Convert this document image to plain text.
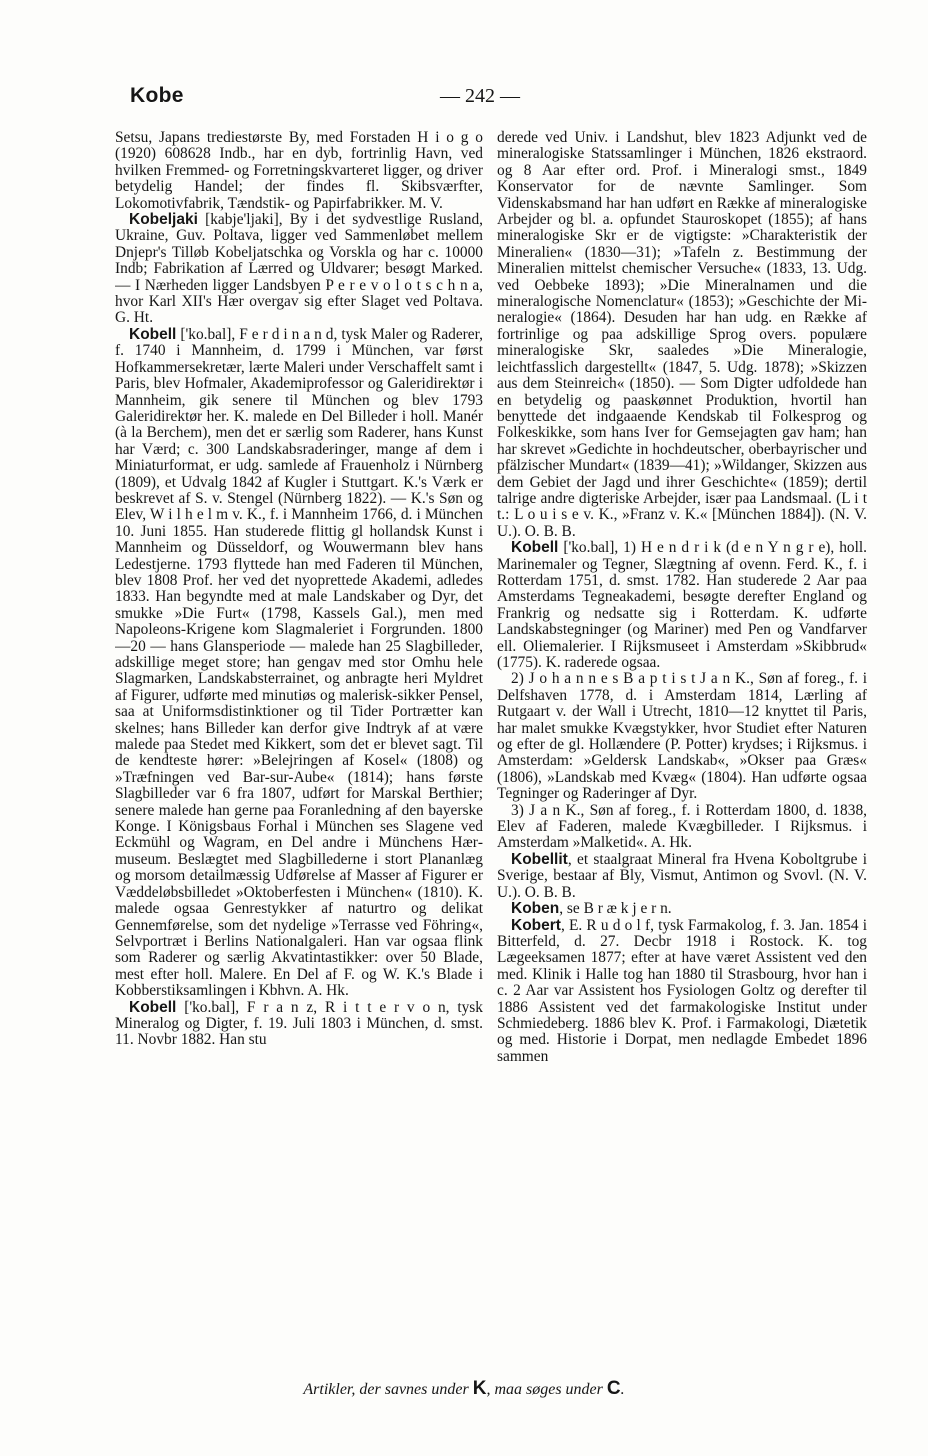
Kobe	— 242 —

Setsu, Japans trediestørste By, med Forstaden H i o g o (1920) 608628 Indb., har en dyb, fortrinlig Havn, ved hvilken Fremmed- og Forretningskvarteret ligger, og driver betydelig Handel; der findes fl. Skibsværfter, Lokomotivfabrik, Tændstik- og Papirfabrikker. M. V.

Kobeljaki [kabje'ljaki], By i det sydvestlige Rusland, Ukraine, Guv. Poltava, ligger ved Sammenløbet mellem Dnjepr's Tilløb Kobeljatschka og Vorskla og har c. 10000 Indb; Fabrikation af Lærred og Uldvarer; besøgt Marked. — I Nærheden ligger Landsbyen P e r e v o l o t s c h n a, hvor Karl XII's Hær overgav sig efter Slaget ved Poltava. G. Ht.

Kobell ['ko.bal], F e r d i n a n d, tysk Maler og Raderer, f. 1740 i Mannheim, d. 1799 i München, var først Hofkammersekretær, lærte Maleri under Verschaffelt samt i Paris, blev Hofmaler, Akademiprofessor og Galeridirektør i Mannheim, gik senere til München og blev 1793 Galeridirektør her. K. malede en Del Billeder i holl. Manér (à la Berchem), men det er særlig som Raderer, hans Kunst har Værd; c. 300 Landskabsraderinger, mange af dem i Miniaturformat, er udg. samlede af Frauenholz i Nürnberg (1809), et Udvalg 1842 af Kugler i Stuttgart. K.'s Værk er beskrevet af S. v. Stengel (Nürnberg 1822). — K.'s Søn og Elev, W i l h e l m v. K., f. i Mannheim 1766, d. i München 10. Juni 1855. Han studerede flittig gl hollandsk Kunst i Mannheim og Düsseldorf, og Wouwermann blev hans Ledestjerne. 1793 flyttede han med Faderen til München, blev 1808 Prof. her ved det nyoprettede Akademi, adledes 1833. Han begyndte med at male Landskaber og Dyr, det smukke »Die Furt« (1798, Kassels Gal.), men med Napoleons-Krigene kom Slagmaleriet i Forgrunden. 1800—20 — hans Glansperiode — malede han 25 Slagbilleder, adskillige meget store; han gengav med stor Omhu hele Slagmarken, Landskabsterrainet, og anbragte heri Myldret af Figurer, udførte med minutiøs og malerisk-sikker Pensel, saa at Uniformsdistinktioner og til Tider Portrætter kan skelnes; hans Billeder kan derfor give Indtryk af at være malede paa Stedet med Kikkert, som det er blevet sagt. Til de kendteste hører: »Belejringen af Kosel« (1808) og »Træfningen ved Bar-sur-Aube« (1814); hans første Slagbilleder var 6 fra 1807, udført for Marskal Berthier; senere malede han gerne paa Foranledning af den bayerske Konge. I Königsbaus Forhal i München ses Slagene ved Eckmühl og Wagram, en Del andre i Münchens Hærmuseum. Beslægtet med Slagbillederne i stort Plananlæg og morsom detailmæssig Udførelse af Masser af Figurer er Væddeløbsbilledet »Oktoberfesten i München« (1810). K. malede ogsaa Genrestykker af naturtro og delikat Gennemførelse, som det nydelige »Terrasse ved Föhring«, Selvportræt i Berlins Nationalgaleri. Han var ogsaa flink som Raderer og særlig Akvatintastikker: over 50 Blade, mest efter holl. Malere. En Del af F. og W. K.'s Blade i Kobberstiksamlingen i Kbhvn. A. Hk.

Kobell ['ko.bal], F r a n z, R i t t e r v o n, tysk Mineralog og Digter, f. 19. Juli 1803 i München, d. smst. 11. Novbr 1882. Han stu

derede ved Univ. i Landshut, blev 1823 Adjunkt ved de mineralogiske Statssamlinger i München, 1826 ekstraord. og 8 Aar efter ord. Prof. i Mineralogi smst., 1849 Konservator for de nævnte Samlinger. Som Videnskabsmand har han udført en Række af mineralogiske Arbejder og bl. a. opfundet Stauroskopet (1855); af hans mineralogiske Skr er de vigtigste: »Charakteristik der Mineralien« (1830—31); »Tafeln z. Bestimmung der Mineralien mittelst chemischer Versuche« (1833, 13. Udg. ved Oebbeke 1893); »Die Mineralnamen und die mineralogische Nomenclatur« (1853); »Geschichte der Mineralogie« (1864). Desuden har han udg. en Række af fortrinlige og paa adskillige Sprog overs. populære mineralogiske Skr, saaledes »Die Mineralogie, leichtfasslich dargestellt« (1847, 5. Udg. 1878); »Skizzen aus dem Steinreich« (1850). — Som Digter udfoldede han en betydelig og paaskønnet Produktion, hvortil han benyttede det indgaaende Kendskab til Folkesprog og Folkeskikke, som hans Iver for Gemsejagten gav ham; han har skrevet »Gedichte in hochdeutscher, oberbayrischer und pfälzischer Mundart« (1839—41); »Wildanger, Skizzen aus dem Gebiet der Jagd und ihrer Geschichte« (1859); dertil talrige andre digteriske Arbejder, især paa Landsmaal. (L i t t.: L o u i s e v. K., »Franz v. K.« [München 1884]). (N. V. U.). O. B. B.

Kobell ['ko.bal], 1) H e n d r i k (d e n Y n g r e), holl. Marinemaler og Tegner, Slægtning af ovenn. Ferd. K., f. i Rotterdam 1751, d. smst. 1782. Han studerede 2 Aar paa Amsterdams Tegneakademi, besøgte derefter England og Frankrig og nedsatte sig i Rotterdam. K. udførte Landskabstegninger (og Mariner) med Pen og Vandfarver ell. Oliemalerier. I Rijksmuseet i Amsterdam »Skibbrud« (1775). K. raderede ogsaa.

2) J o h a n n e s B a p t i s t J a n K., Søn af foreg., f. i Delfshaven 1778, d. i Amsterdam 1814, Lærling af Rutgaart v. der Wall i Utrecht, 1810—12 knyttet til Paris, har malet smukke Kvægstykker, hvor Studiet efter Naturen og efter de gl. Hollændere (P. Potter) krydses; i Rijksmus. i Amsterdam: »Geldersk Landskab«, »Okser paa Græs« (1806), »Landskab med Kvæg« (1804). Han udførte ogsaa Tegninger og Raderinger af Dyr.

3) J a n K., Søn af foreg., f. i Rotterdam 1800, d. 1838, Elev af Faderen, malede Kvægbilleder. I Rijksmus. i Amsterdam »Malketid«. A. Hk.

Kobellit, et staalgraat Mineral fra Hvena Koboltgrube i Sverige, bestaar af Bly, Vismut, Antimon og Svovl. (N. V. U.). O. B. B.

Koben, se B r æ k j e r n.

Kobert, E. R u d o l f, tysk Farmakolog, f. 3. Jan. 1854 i Bitterfeld, d. 27. Decbr 1918 i Rostock. K. tog Lægeeksamen 1877; efter at have været Assistent ved den med. Klinik i Halle tog han 1880 til Strasbourg, hvor han i c. 2 Aar var Assistent hos Fysiologen Goltz og derefter til 1886 Assistent ved det farmakologiske Institut under Schmiedeberg. 1886 blev K. Prof. i Farmakologi, Diætetik og med. Historie i Dorpat, men nedlagde Embedet 1896 sammen

Artikler, der savnes under K, maa søges under C.
